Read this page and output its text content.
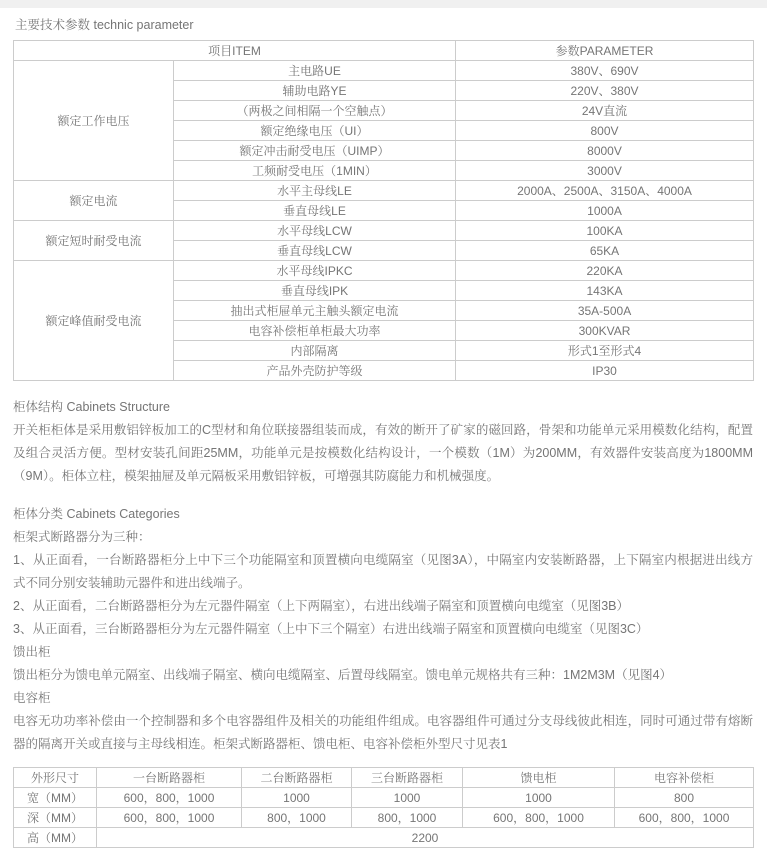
主要技术参数 technic parameter
项目ITEM		参数PARAMETER
额定工作电压	主电路UE	380V、690V
	辅助电路YE	220V、380V
	（两极之间相隔一个空触点）	24V直流
	额定绝缘电压（UI）	800V
	额定冲击耐受电压（UIMP）	8000V
	工频耐受电压（1MIN）	3000V
额定电流	水平主母线LE	2000A、2500A、3150A、4000A
	垂直母线LE	1000A
额定短时耐受电流	水平母线LCW	100KA
	垂直母线LCW	65KA
额定峰值耐受电流	水平母线IPKC	220KA
	垂直母线IPK	143KA
	抽出式柜屉单元主触头额定电流	35A-500A
	电容补偿柜单柜最大功率	300KVAR
	内部隔离	形式1至形式4
	产品外壳防护等级	IP30
柜体结构 Cabinets Structure

开关柜柜体是采用敷铝锌板加工的C型材和角位联接器组装而成，有效的断开了矿家的磁回路，骨架和功能单元采用模数化结构，配置及组合灵活方便。型材安装孔间距25MM，功能单元是按模数化结构设计，一个模数（1M）为200MM，有效器件安装高度为1800MM（9M）。柜体立柱，模架抽屉及单元隔板采用敷铝锌板，可增强其防腐能力和机械强度。

柜体分类 Cabinets Categories

柜架式断路器分为三种：

1、从正面看，一台断路器柜分上中下三个功能隔室和顶置横向电缆隔室（见图3A），中隔室内安装断路器，上下隔室内根据进出线方式不同分别安装辅助元器件和进出线端子。

2、从正面看，二台断路器柜分为左元器件隔室（上下两隔室），右进出线端子隔室和顶置横向电缆室（见图3B）

3、从正面看，三台断路器柜分为左元器件隔室（上中下三个隔室）右进出线端子隔室和顶置横向电缆室（见图3C）

馈出柜

馈出柜分为馈电单元隔室、出线端子隔室、横向电缆隔室、后置母线隔室。馈电单元规格共有三种：1M2M3M（见图4）

电容柜

电容无功功率补偿由一个控制器和多个电容器组件及相关的功能组件组成。电容器组件可通过分支母线彼此相连，同时可通过带有熔断器的隔离开关或直接与主母线相连。柜架式断路器柜、馈电柜、电容补偿柜外型尺寸见表1

外形尺寸	一台断路器柜	二台断路器柜	三台断路器柜	馈电柜	电容补偿柜
宽（MM）	600，800，1000	1000	1000	1000	800
深（MM）	600，800，1000	800，1000	800，1000	600，800，1000	600，800，1000
高（MM）	2200				
